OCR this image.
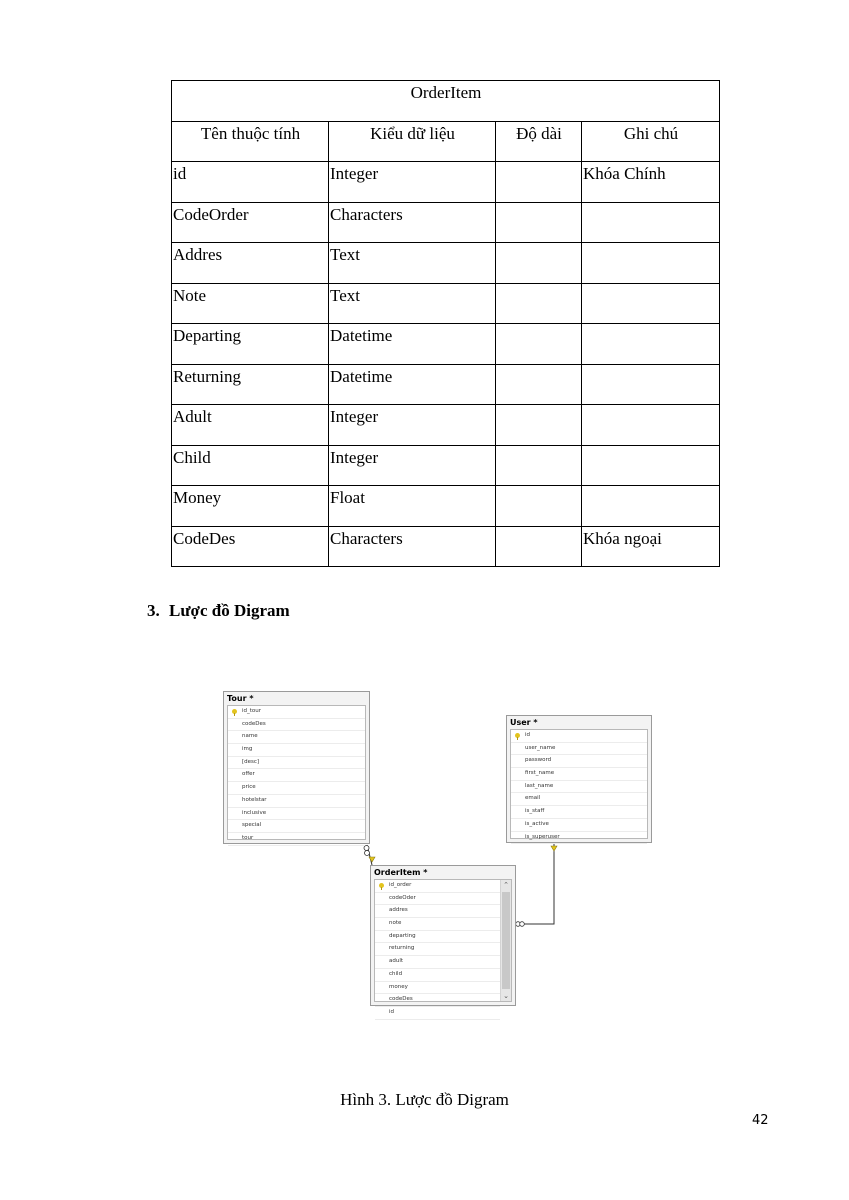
OrderItem			
Tên thuộc tính	Kiểu dữ liệu	Độ dài	Ghi chú
id	Integer		Khóa Chính
CodeOrder	Characters		
Addres	Text		
Note	Text		
Departing	Datetime		
Returning	Datetime		
Adult	Integer		
Child	Integer		
Money	Float		
CodeDes	Characters		Khóa ngoại
3. Lược đồ Digram
Tour *
id_tour
codeDes
name
img
[desc]
offer
price
hotelstar
inclusive
special
tour
User *
id
user_name
password
first_name
last_name
email
is_staff
is_active
is_superuser
OrderItem *
id_order
codeOder
addres
note
departing
returning
adult
child
money
codeDes
id
⌃
⌄

Hình 3. Lược đồ Digram

42
